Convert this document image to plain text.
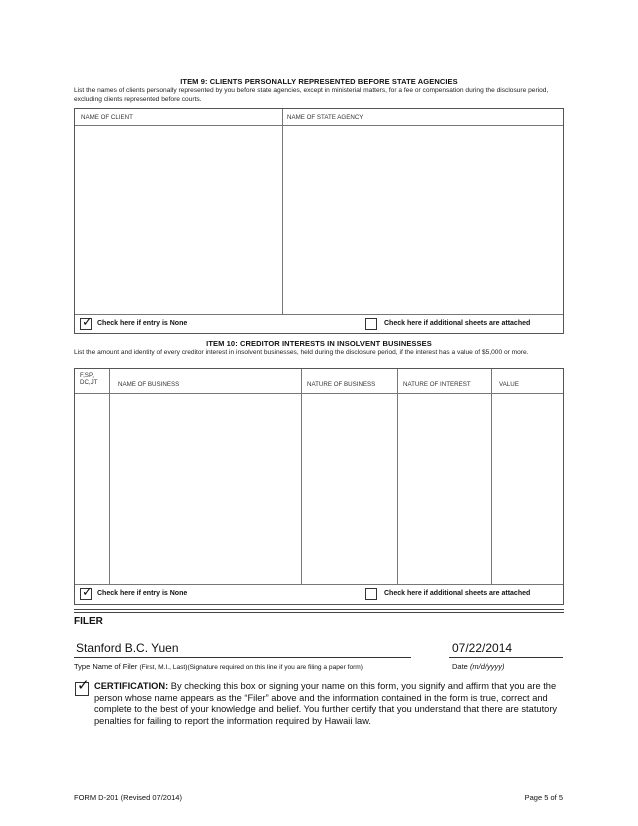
ITEM 9: CLIENTS PERSONALLY REPRESENTED BEFORE STATE AGENCIES
List the names of clients personally represented by you before state agencies, except in ministerial matters, for a fee or compensation during the disclosure period, excluding clients represented before courts.
NAME OF CLIENT	NAME OF STATE AGENCY
✓ Check here if entry is None	Check here if additional sheets are attached
ITEM 10: CREDITOR INTERESTS IN INSOLVENT BUSINESSES
List the amount and identity of every creditor interest in insolvent businesses, held during the disclosure period, if the interest has a value of $5,000 or more.
F,SP,
DC,JT	NAME OF BUSINESS	NATURE OF BUSINESS	NATURE OF INTEREST	VALUE
✓ Check here if entry is None	Check here if additional sheets are attached
FILER
Stanford B.C. Yuen	07/22/2014
Type Name of Filer (First, M.I., Last)(Signature required on this line if you are filing a paper form)	Date (m/d/yyyy)
✓ CERTIFICATION: By checking this box or signing your name on this form, you signify and affirm that you are the person whose name appears as the “Filer” above and the information contained in the form is true, correct and complete to the best of your knowledge and belief. You further certify that you understand that there are statutory penalties for failing to report the information required by Hawaii law.
FORM D-201 (Revised 07/2014)	Page 5 of 5
